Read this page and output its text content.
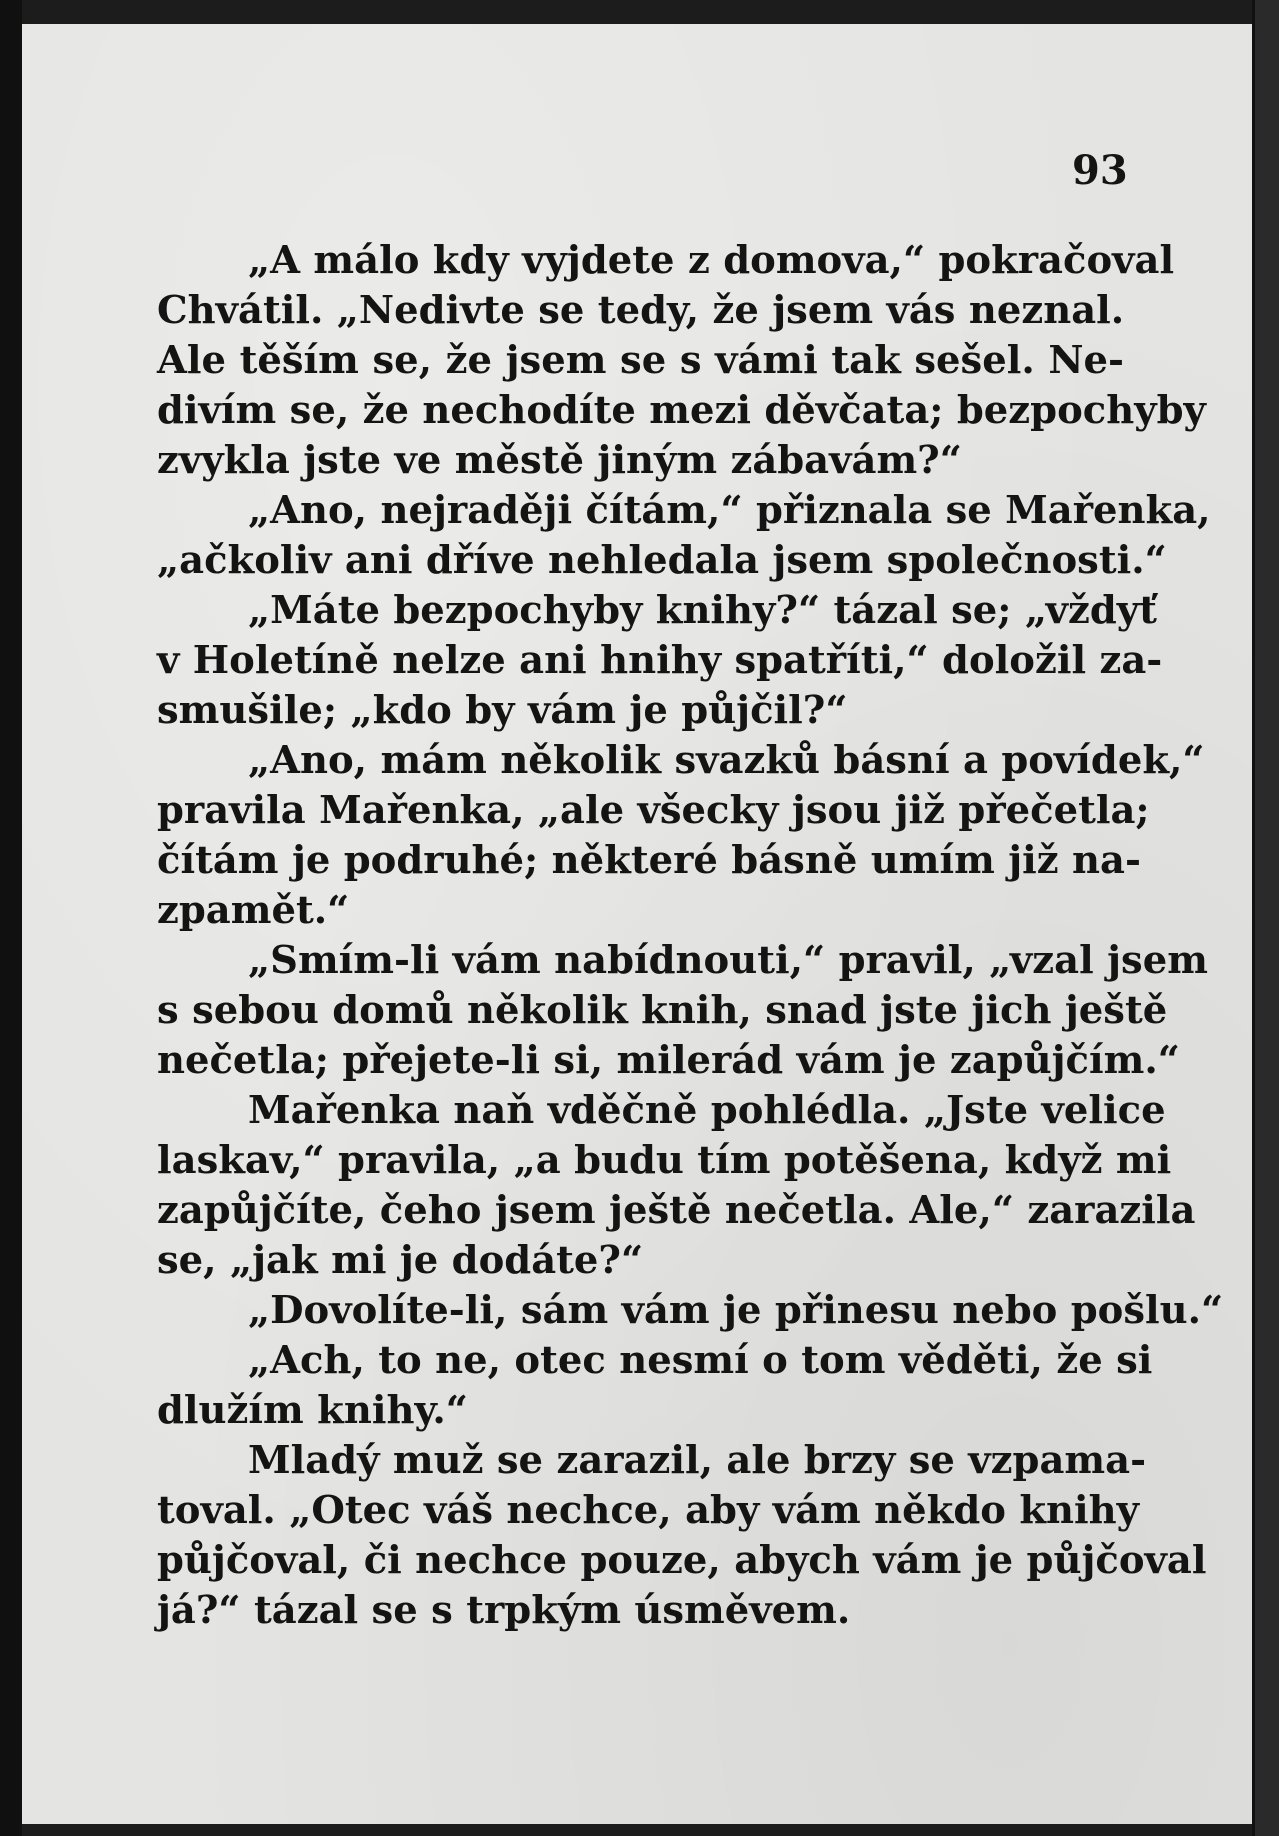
93
„A málo kdy vyjdete z domova,“ pokračoval
Chvátil. „Nedivte se tedy, že jsem vás neznal.
Ale těším se, že jsem se s vámi tak sešel. Ne-
divím se, že nechodíte mezi děvčata; bezpochyby
zvykla jste ve městě jiným zábavám?“
„Ano, nejraději čítám,“ přiznala se Mařenka,
„ačkoliv ani dříve nehledala jsem společnosti.“
„Máte bezpochyby knihy?“ tázal se; „vždyť
v Holetíně nelze ani hnihy spatříti,“ doložil za-
smušile; „kdo by vám je půjčil?“
„Ano, mám několik svazků básní a povídek,“
pravila Mařenka, „ale všecky jsou již přečetla;
čítám je podruhé; některé básně umím již na-
zpamět.“
„Smím-li vám nabídnouti,“ pravil, „vzal jsem
s sebou domů několik knih, snad jste jich ještě
nečetla; přejete-li si, milerád vám je zapůjčím.“
Mařenka naň vděčně pohlédla. „Jste velice
laskav,“ pravila, „a budu tím potěšena, když mi
zapůjčíte, čeho jsem ještě nečetla. Ale,“ zarazila
se, „jak mi je dodáte?“
„Dovolíte-li, sám vám je přinesu nebo pošlu.“
„Ach, to ne, otec nesmí o tom věděti, že si
dlužím knihy.“
Mladý muž se zarazil, ale brzy se vzpama-
toval. „Otec váš nechce, aby vám někdo knihy
půjčoval, či nechce pouze, abych vám je půjčoval
já?“ tázal se s trpkým úsměvem.
